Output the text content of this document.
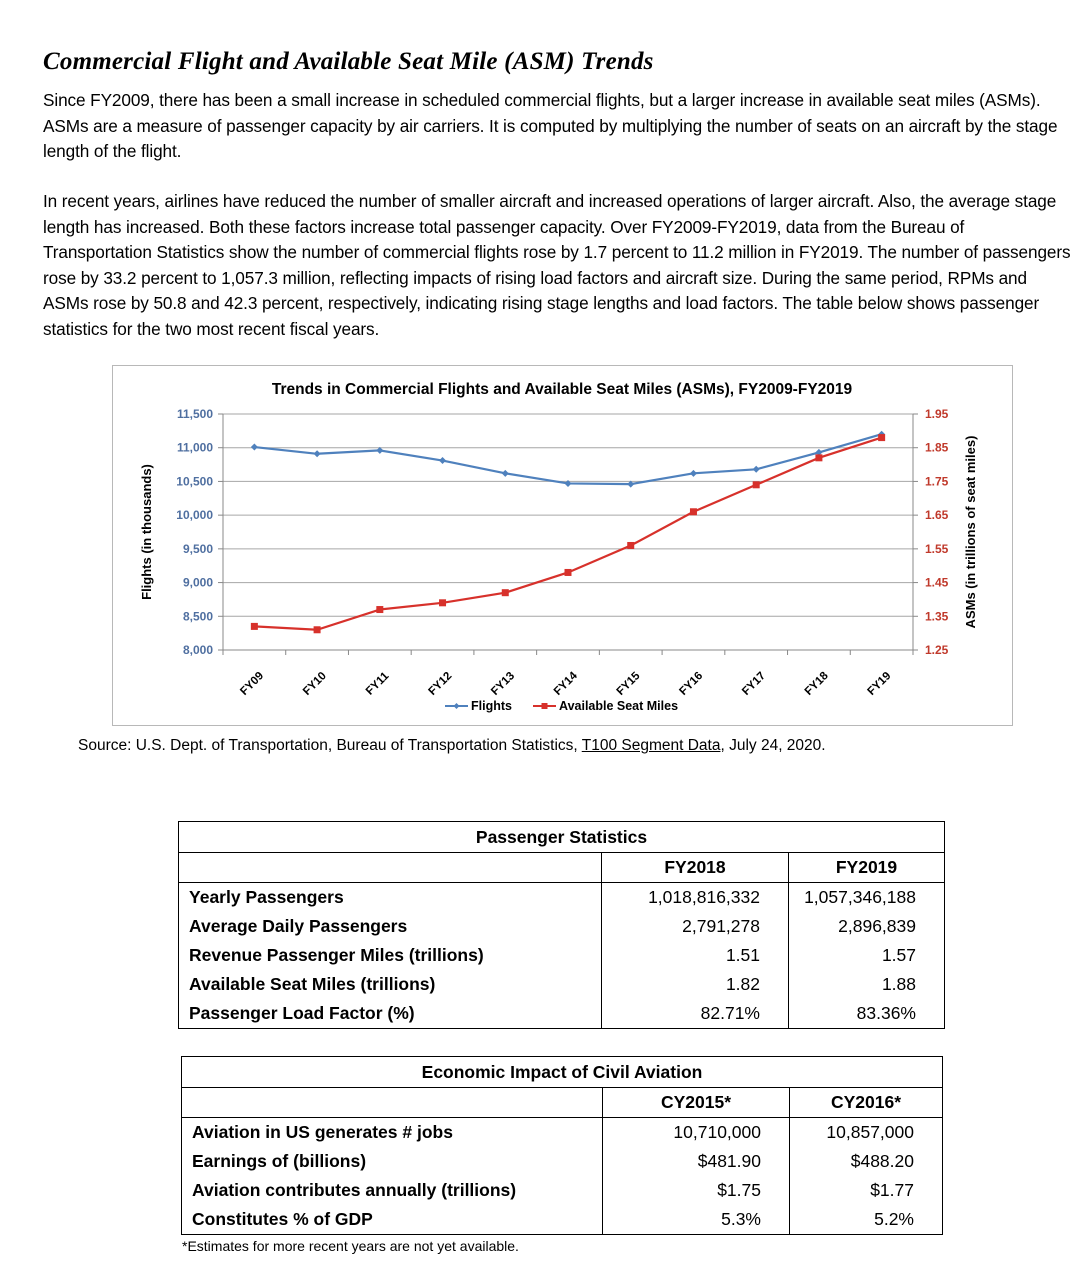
Commercial Flight and Available Seat Mile (ASM) Trends
Since FY2009, there has been a small increase in scheduled commercial flights, but a larger increase in available seat miles (ASMs). ASMs are a measure of passenger capacity by air carriers. It is computed by multiplying the number of seats on an aircraft by the stage length of the flight.
In recent years, airlines have reduced the number of smaller aircraft and increased operations of larger aircraft. Also, the average stage length has increased. Both these factors increase total passenger capacity. Over FY2009-FY2019, data from the Bureau of Transportation Statistics show the number of commercial flights rose by 1.7 percent to 11.2 million in FY2019. The number of passengers rose by 33.2 percent to 1,057.3 million, reflecting impacts of rising load factors and aircraft size. During the same period, RPMs and ASMs rose by 50.8 and 42.3 percent, respectively, indicating rising stage lengths and load factors. The table below shows passenger statistics for the two most recent fiscal years.
Trends in Commercial Flights and Available Seat Miles (ASMs), FY2009-FY2019
Flights (in thousands)	ASMs (in trillions of seat miles)
8,000	1.25
8,500	1.35
9,000	1.45
9,500	1.55
10,000	1.65
10,500	1.75
11,000	1.85
11,500	1.95
FY09	FY10	FY11	FY12	FY13	FY14	FY15	FY16	FY17	FY18	FY19
Flights	Available Seat Miles
Source: U.S. Dept. of Transportation, Bureau of Transportation Statistics, T100 Segment Data, July 24, 2020.
Passenger Statistics		
	FY2018	FY2019
Yearly Passengers	1,018,816,332	1,057,346,188
Average Daily Passengers	2,791,278	2,896,839
Revenue Passenger Miles (trillions)	1.51	1.57
Available Seat Miles (trillions)	1.82	1.88
Passenger Load Factor (%)	82.71%	83.36%
Economic Impact of Civil Aviation		
	CY2015*	CY2016*
Aviation in US generates # jobs	10,710,000	10,857,000
Earnings of (billions)	$481.90	$488.20
Aviation contributes annually (trillions)	$1.75	$1.77
Constitutes % of GDP	5.3%	5.2%
*Estimates for more recent years are not yet available.
